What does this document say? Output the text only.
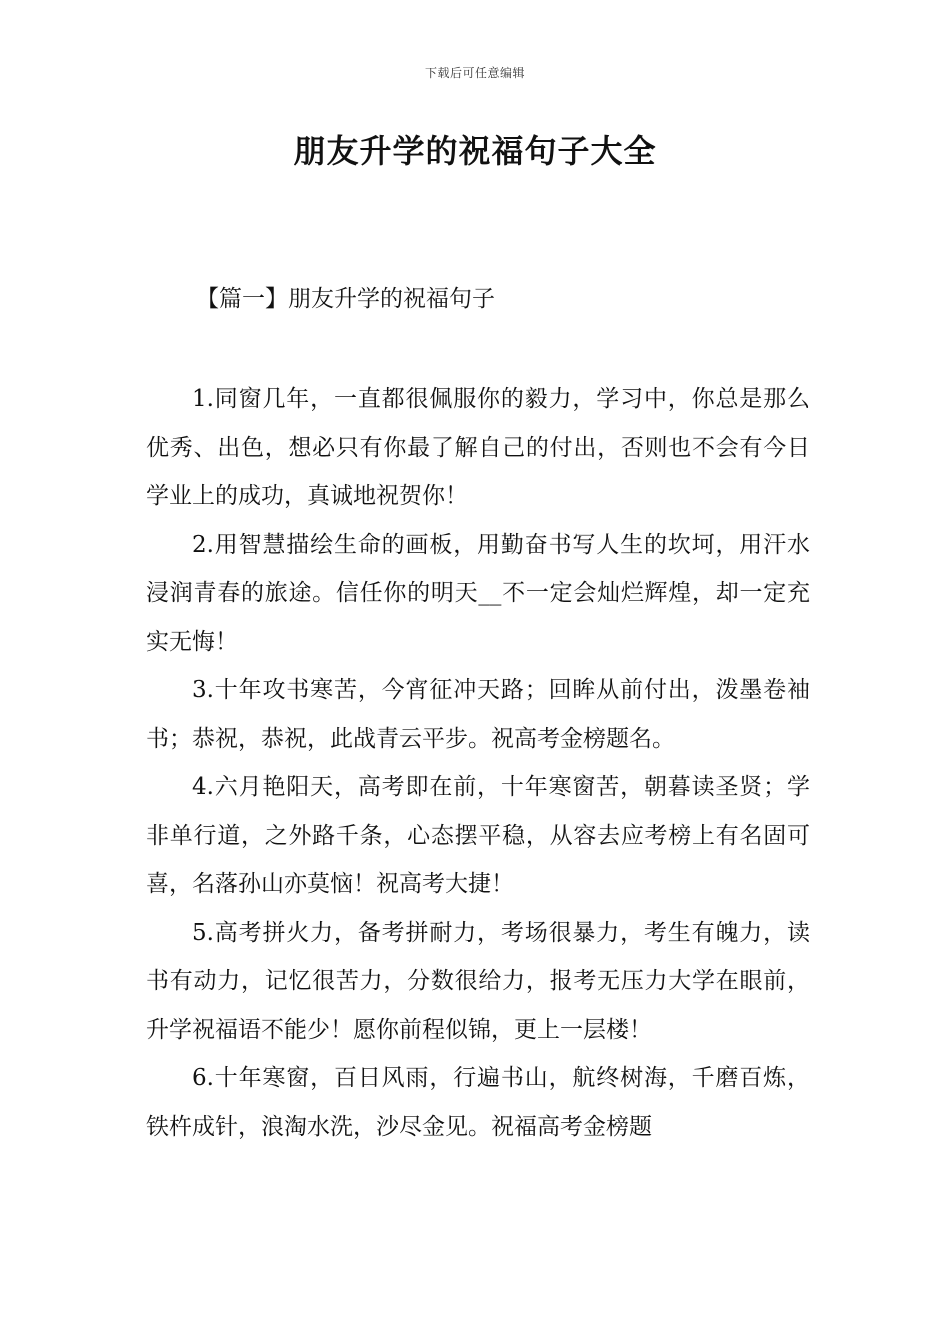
下载后可任意编辑
朋友升学的祝福句子大全
【篇一】朋友升学的祝福句子

1.同窗几年，一直都很佩服你的毅力，学习中，你总是那么优秀、出色，想必只有你最了解自己的付出，否则也不会有今日学业上的成功，真诚地祝贺你！

2.用智慧描绘生命的画板，用勤奋书写人生的坎坷，用汗水浸润青春的旅途。信任你的明天__不一定会灿烂辉煌，却一定充实无悔！

3.十年攻书寒苦，今宵征冲天路；回眸从前付出，泼墨卷袖书；恭祝，恭祝，此战青云平步。祝高考金榜题名。

4.六月艳阳天，高考即在前，十年寒窗苦，朝暮读圣贤；学非单行道，之外路千条，心态摆平稳，从容去应考榜上有名固可喜，名落孙山亦莫恼！祝高考大捷！

5.高考拼火力，备考拼耐力，考场很暴力，考生有魄力，读书有动力，记忆很苦力，分数很给力，报考无压力大学在眼前，升学祝福语不能少！愿你前程似锦，更上一层楼！

6.十年寒窗，百日风雨，行遍书山，航终树海，千磨百炼，铁杵成针，浪淘水洗，沙尽金见。祝福高考金榜题
